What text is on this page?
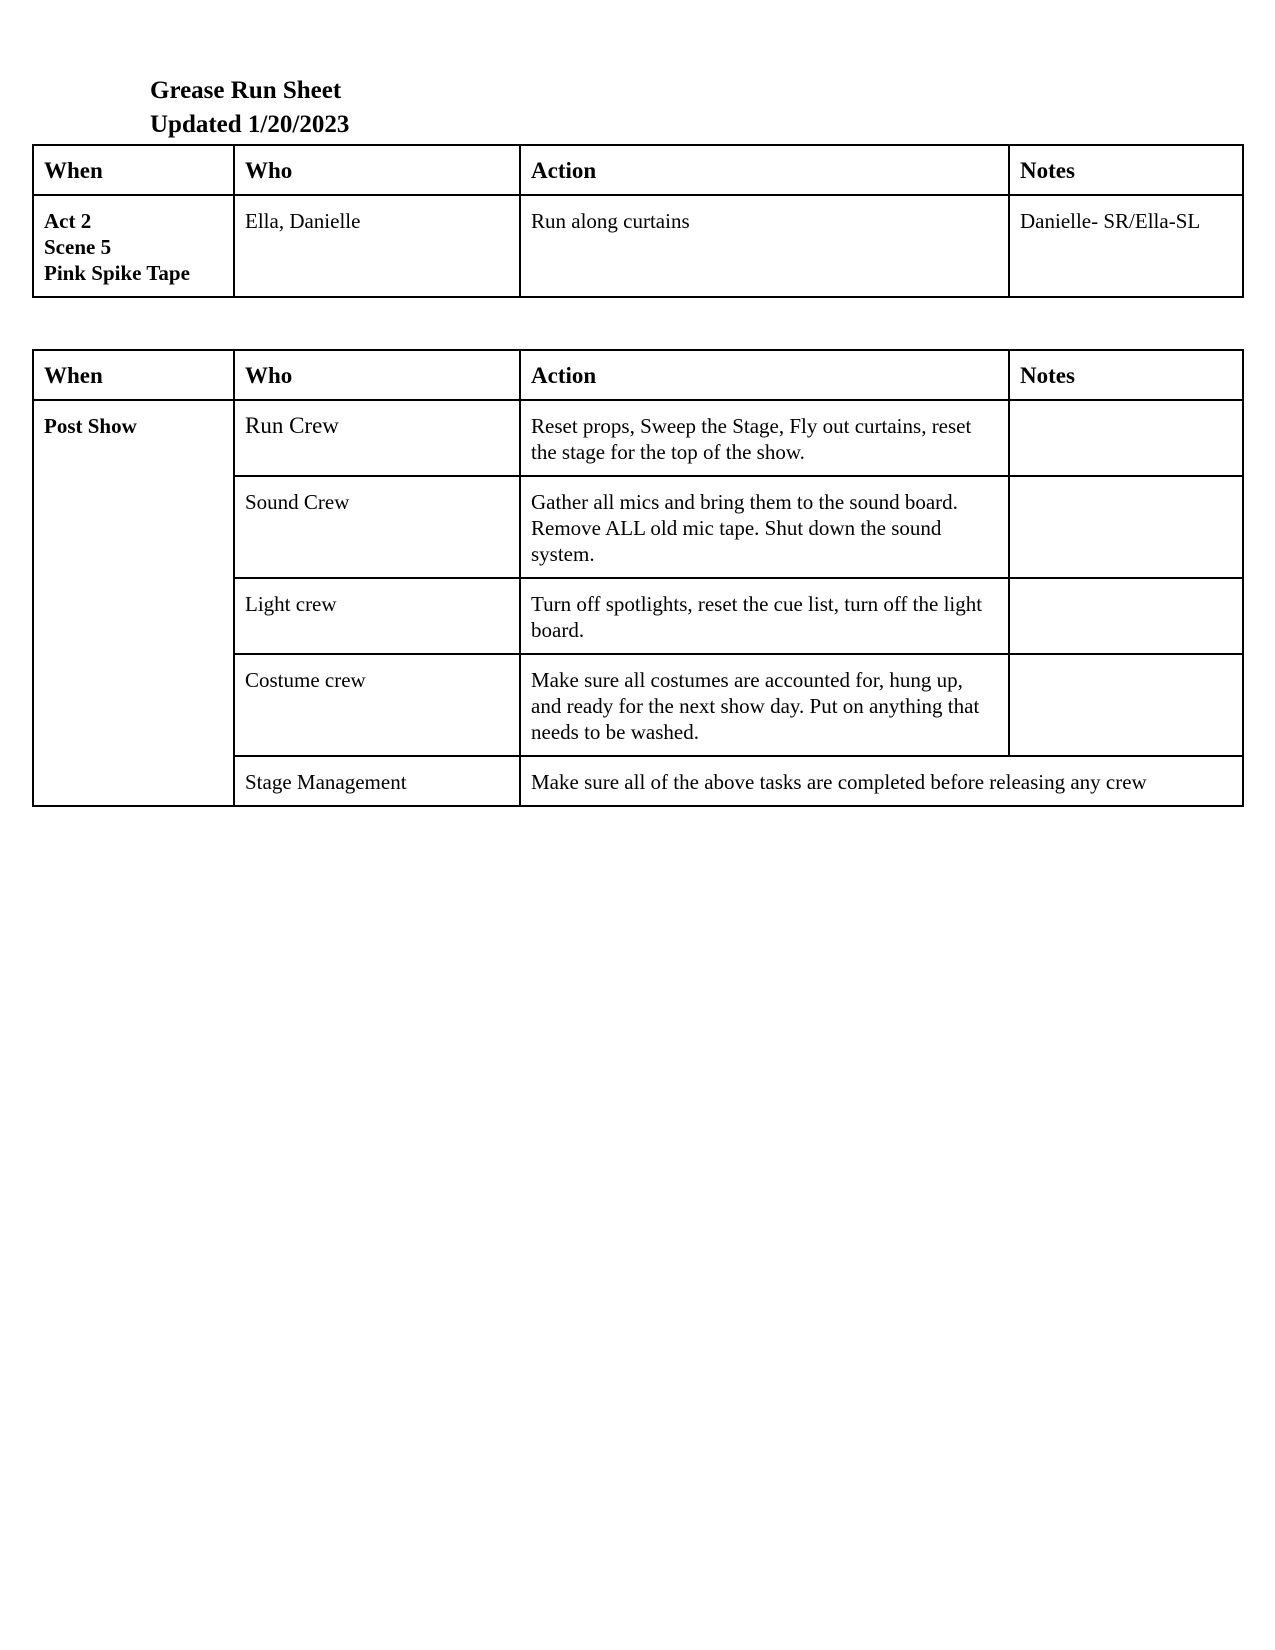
Grease Run Sheet
Updated 1/20/2023
When	Who	Action	Notes

Act 2
Scene 5
Pink Spike Tape	Ella, Danielle	Run along curtains	Danielle- SR/Ella-SL
When	Who	Action	Notes
Post Show	Run Crew	Reset props, Sweep the Stage, Fly out curtains, reset the stage for the top of the show.	
	Sound Crew	Gather all mics and bring them to the sound board. Remove ALL old mic tape. Shut down the sound system.	
	Light crew	Turn off spotlights, reset the cue list, turn off the light board.	
	Costume crew	Make sure all costumes are accounted for, hung up, and ready for the next show day. Put on anything that needs to be washed.	
	Stage Management	Make sure all of the above tasks are completed before releasing any crew	
